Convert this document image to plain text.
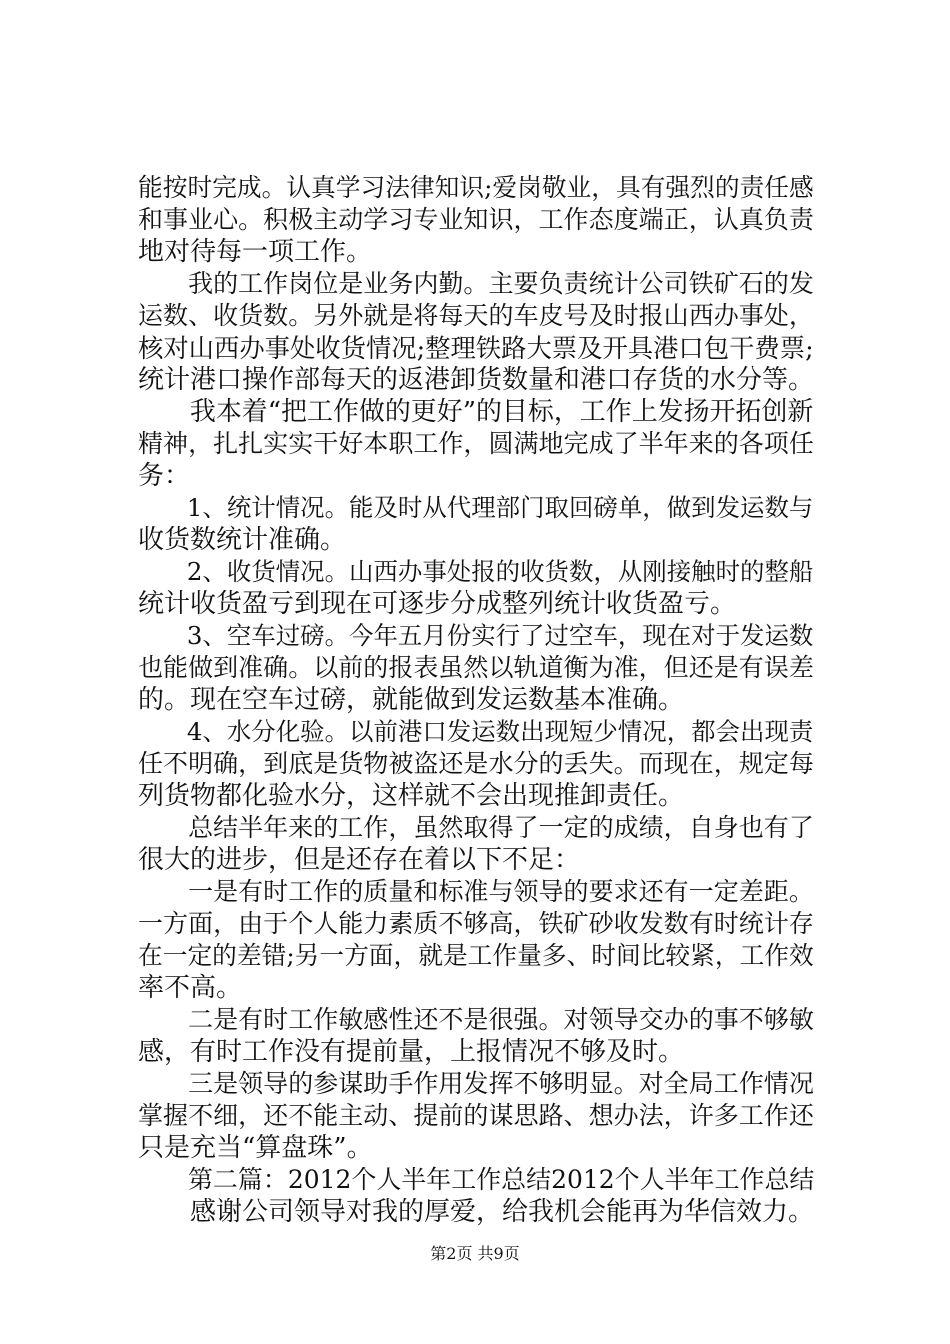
能按时完成。认真学习法律知识;爱岗敬业，具有强烈的责任感
和事业心。积极主动学习专业知识，工作态度端正，认真负责
地对待每一项工作。
　　我的工作岗位是业务内勤。主要负责统计公司铁矿石的发
运数、收货数。另外就是将每天的车皮号及时报山西办事处，
核对山西办事处收货情况;整理铁路大票及开具港口包干费票;
统计港口操作部每天的返港卸货数量和港口存货的水分等。
　　我本着“把工作做的更好”的目标，工作上发扬开拓创新
精神，扎扎实实干好本职工作，圆满地完成了半年来的各项任
务：
　　1、统计情况。能及时从代理部门取回磅单，做到发运数与
收货数统计准确。
　　2、收货情况。山西办事处报的收货数，从刚接触时的整船
统计收货盈亏到现在可逐步分成整列统计收货盈亏。
　　3、空车过磅。今年五月份实行了过空车，现在对于发运数
也能做到准确。以前的报表虽然以轨道衡为准，但还是有误差
的。现在空车过磅，就能做到发运数基本准确。
　　4、水分化验。以前港口发运数出现短少情况，都会出现责
任不明确，到底是货物被盗还是水分的丢失。而现在，规定每
列货物都化验水分，这样就不会出现推卸责任。
　　总结半年来的工作，虽然取得了一定的成绩，自身也有了
很大的进步，但是还存在着以下不足：
　　一是有时工作的质量和标准与领导的要求还有一定差距。
一方面，由于个人能力素质不够高，铁矿砂收发数有时统计存
在一定的差错;另一方面，就是工作量多、时间比较紧，工作效
率不高。
　　二是有时工作敏感性还不是很强。对领导交办的事不够敏
感，有时工作没有提前量，上报情况不够及时。
　　三是领导的参谋助手作用发挥不够明显。对全局工作情况
掌握不细，还不能主动、提前的谋思路、想办法，许多工作还
只是充当“算盘珠”。
　　第二篇：2012个人半年工作总结2012个人半年工作总结
　　感谢公司领导对我的厚爱，给我机会能再为华信效力。
第2页 共9页
